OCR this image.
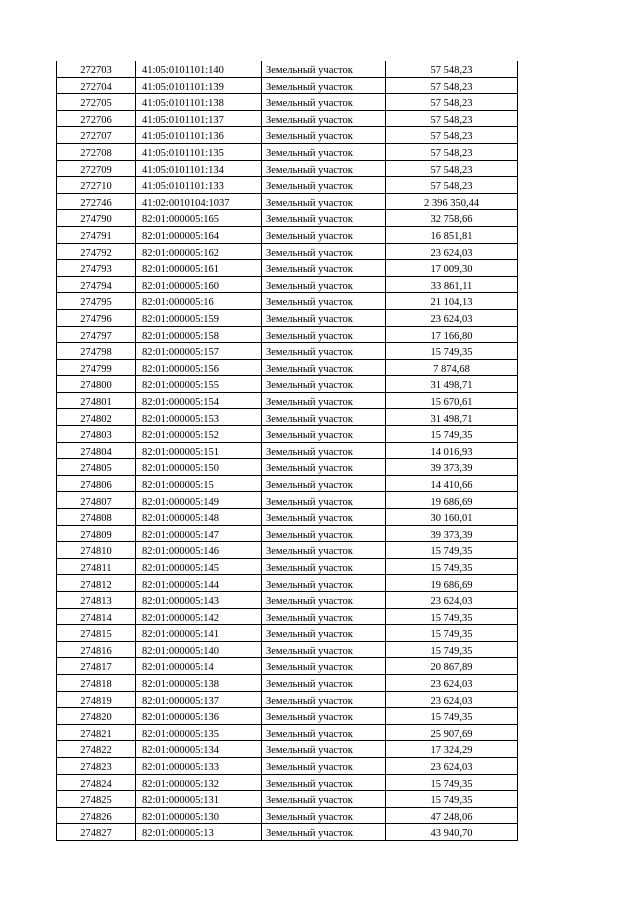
272703	41:05:0101101:140	Земельный участок	57 548,23
272704	41:05:0101101:139	Земельный участок	57 548,23
272705	41:05:0101101:138	Земельный участок	57 548,23
272706	41:05:0101101:137	Земельный участок	57 548,23
272707	41:05:0101101:136	Земельный участок	57 548,23
272708	41:05:0101101:135	Земельный участок	57 548,23
272709	41:05:0101101:134	Земельный участок	57 548,23
272710	41:05:0101101:133	Земельный участок	57 548,23
272746	41:02:0010104:1037	Земельный участок	2 396 350,44
274790	82:01:000005:165	Земельный участок	32 758,66
274791	82:01:000005:164	Земельный участок	16 851,81
274792	82:01:000005:162	Земельный участок	23 624,03
274793	82:01:000005:161	Земельный участок	17 009,30
274794	82:01:000005:160	Земельный участок	33 861,11
274795	82:01:000005:16	Земельный участок	21 104,13
274796	82:01:000005:159	Земельный участок	23 624,03
274797	82:01:000005:158	Земельный участок	17 166,80
274798	82:01:000005:157	Земельный участок	15 749,35
274799	82:01:000005:156	Земельный участок	7 874,68
274800	82:01:000005:155	Земельный участок	31 498,71
274801	82:01:000005:154	Земельный участок	15 670,61
274802	82:01:000005:153	Земельный участок	31 498,71
274803	82:01:000005:152	Земельный участок	15 749,35
274804	82:01:000005:151	Земельный участок	14 016,93
274805	82:01:000005:150	Земельный участок	39 373,39
274806	82:01:000005:15	Земельный участок	14 410,66
274807	82:01:000005:149	Земельный участок	19 686,69
274808	82:01:000005:148	Земельный участок	30 160,01
274809	82:01:000005:147	Земельный участок	39 373,39
274810	82:01:000005:146	Земельный участок	15 749,35
274811	82:01:000005:145	Земельный участок	15 749,35
274812	82:01:000005:144	Земельный участок	19 686,69
274813	82:01:000005:143	Земельный участок	23 624,03
274814	82:01:000005:142	Земельный участок	15 749,35
274815	82:01:000005:141	Земельный участок	15 749,35
274816	82:01:000005:140	Земельный участок	15 749,35
274817	82:01:000005:14	Земельный участок	20 867,89
274818	82:01:000005:138	Земельный участок	23 624,03
274819	82:01:000005:137	Земельный участок	23 624,03
274820	82:01:000005:136	Земельный участок	15 749,35
274821	82:01:000005:135	Земельный участок	25 907,69
274822	82:01:000005:134	Земельный участок	17 324,29
274823	82:01:000005:133	Земельный участок	23 624,03
274824	82:01:000005:132	Земельный участок	15 749,35
274825	82:01:000005:131	Земельный участок	15 749,35
274826	82:01:000005:130	Земельный участок	47 248,06
274827	82:01:000005:13	Земельный участок	43 940,70
